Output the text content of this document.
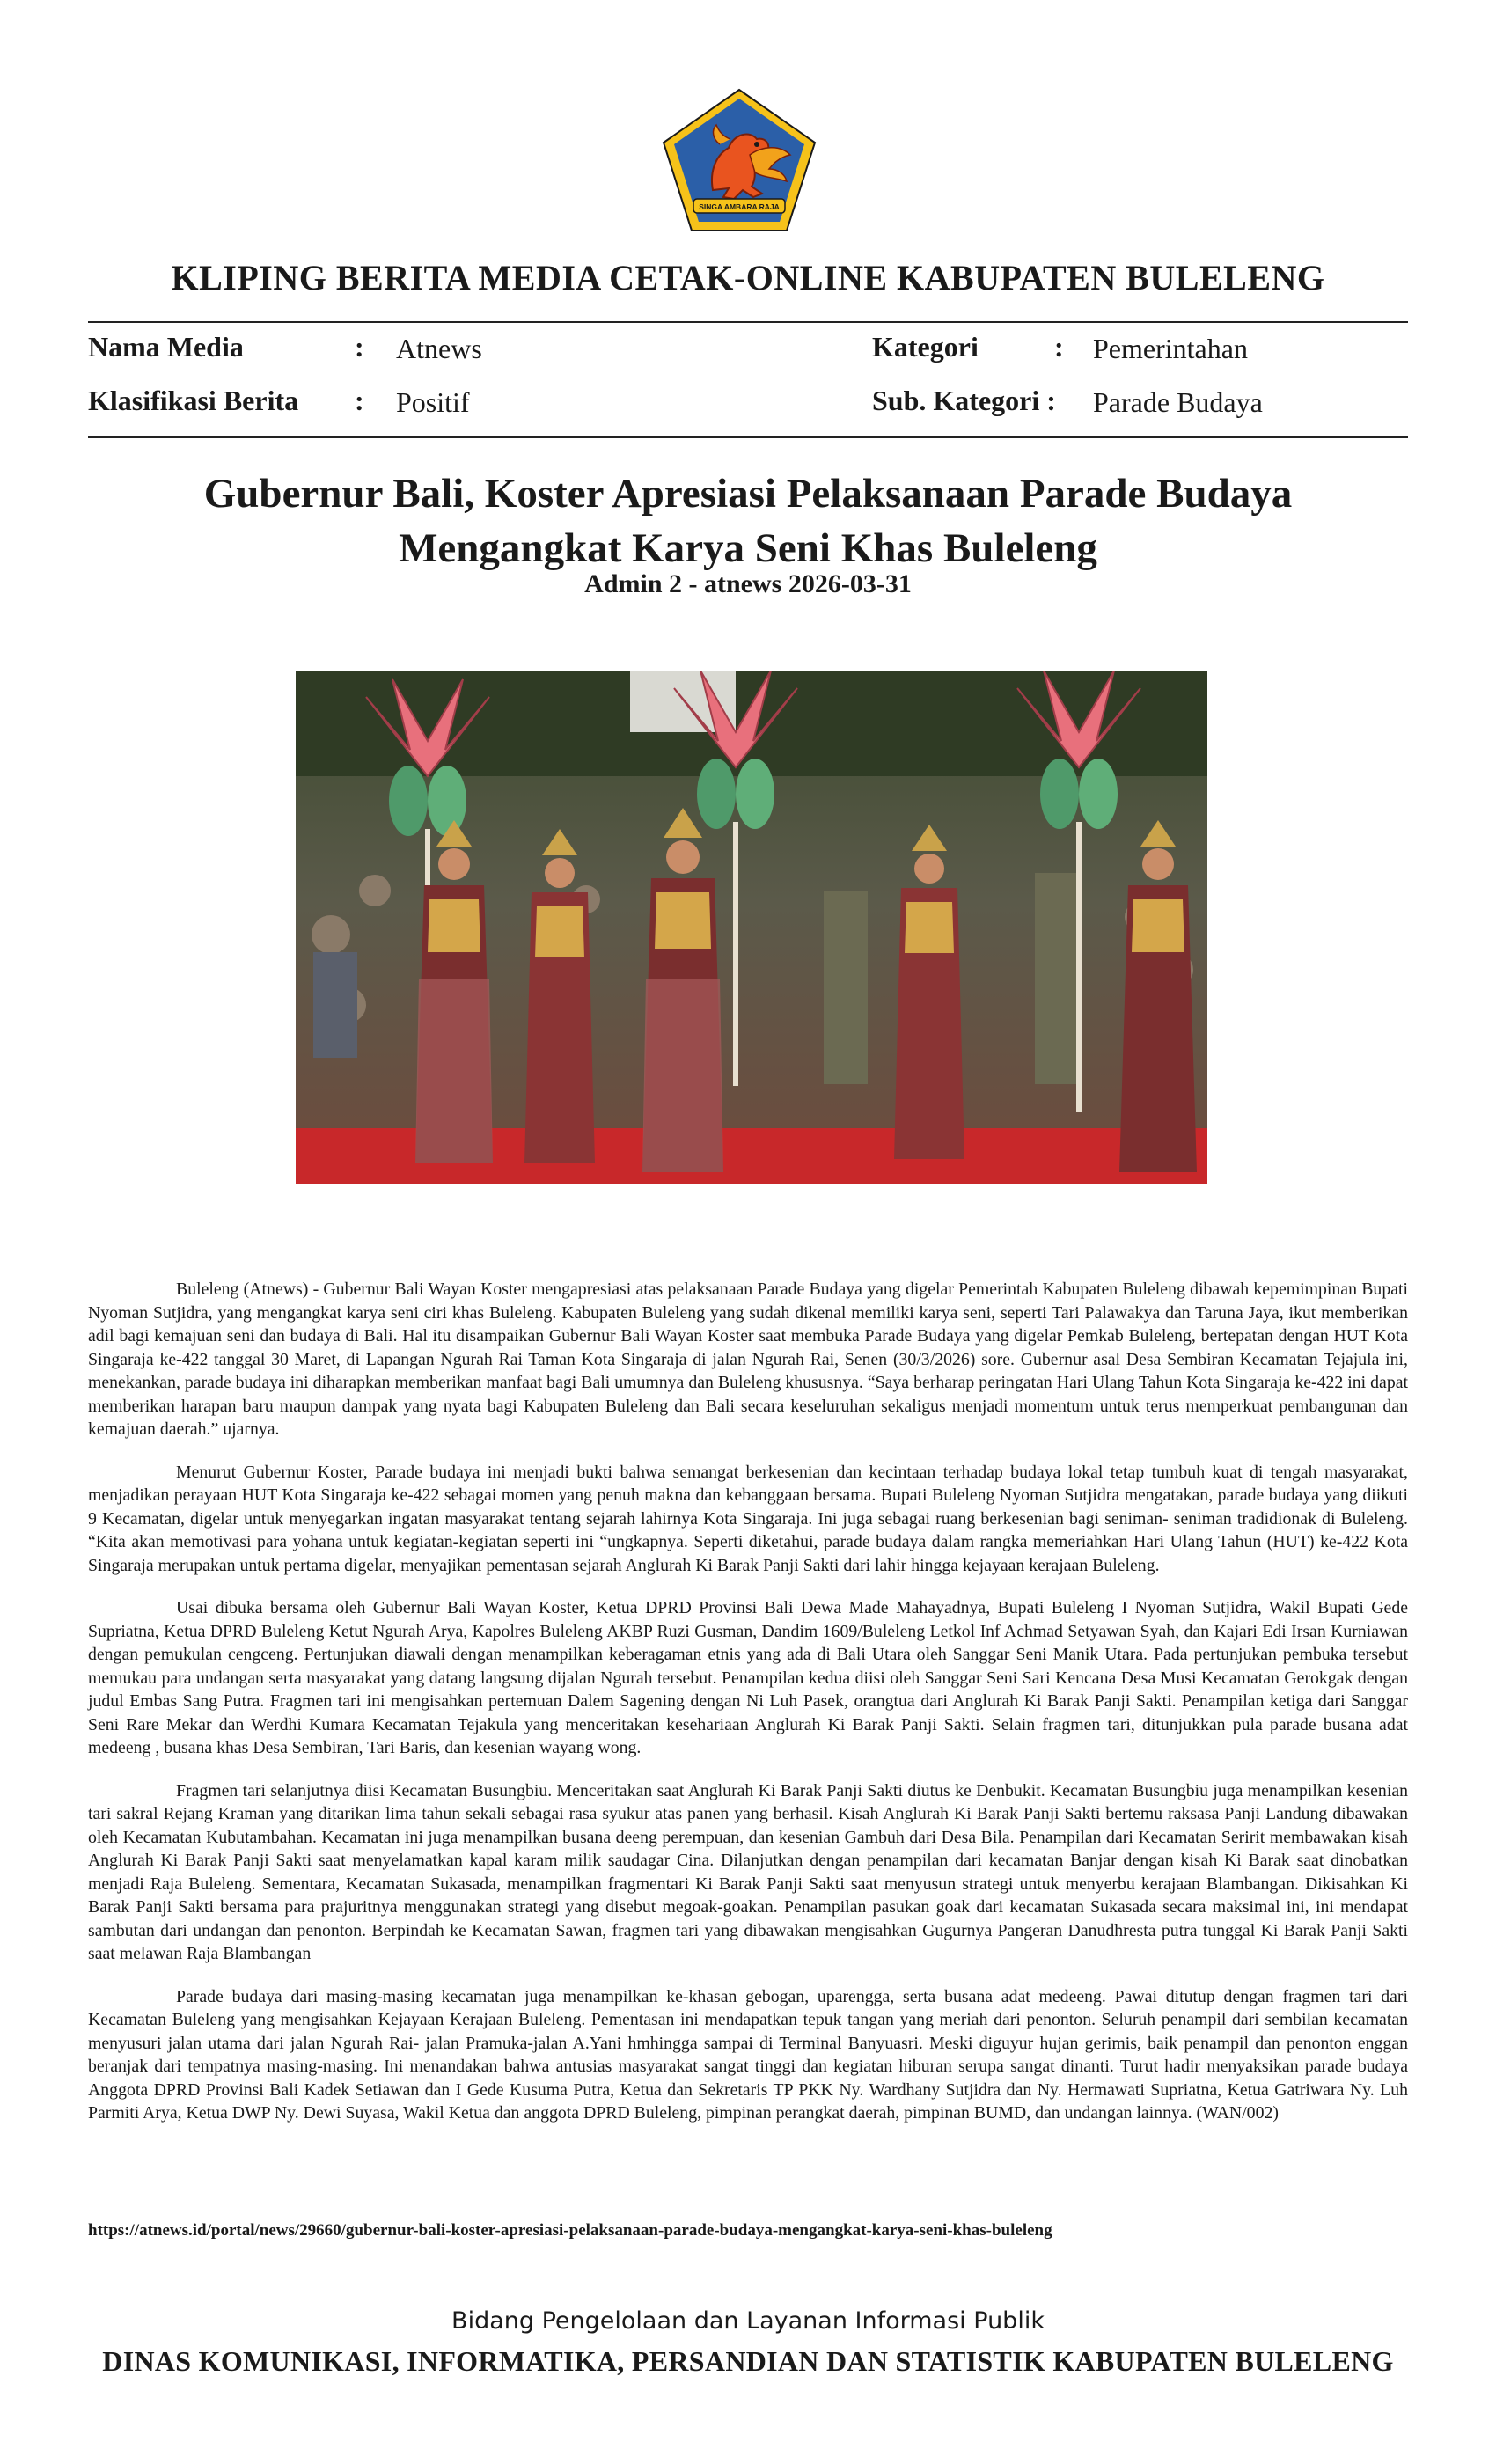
SINGA AMBARA RAJA
KLIPING BERITA MEDIA CETAK-ONLINE KABUPATEN BULELENG
Nama Media	: Atnews
Klasifikasi Berita : Positif
Kategori	: Pemerintahan
Sub. Kategori : Parade Budaya
Gubernur Bali, Koster Apresiasi Pelaksanaan Parade Budaya
Mengangkat Karya Seni Khas Buleleng
Admin 2 - atnews 2026-03-31

Buleleng (Atnews) - Gubernur Bali Wayan Koster mengapresiasi atas pelaksanaan Parade Budaya yang digelar Pemerintah Kabupaten Buleleng dibawah kepemimpinan Bupati Nyoman Sutjidra, yang mengangkat karya seni ciri khas Buleleng. Kabupaten Buleleng yang sudah dikenal memiliki karya seni, seperti Tari Palawakya dan Taruna Jaya, ikut memberikan adil bagi kemajuan seni dan budaya di Bali. Hal itu disampaikan Gubernur Bali Wayan Koster saat membuka Parade Budaya yang digelar Pemkab Buleleng, bertepatan dengan HUT Kota Singaraja ke-422 tanggal 30 Maret, di Lapangan Ngurah Rai Taman Kota Singaraja di jalan Ngurah Rai, Senen (30/3/2026) sore. Gubernur asal Desa Sembiran Kecamatan Tejajula ini, menekankan, parade budaya ini diharapkan memberikan manfaat bagi Bali umumnya dan Buleleng khususnya. “Saya berharap peringatan Hari Ulang Tahun Kota Singaraja ke-422 ini dapat memberikan harapan baru maupun dampak yang nyata bagi Kabupaten Buleleng dan Bali secara keseluruhan sekaligus menjadi momentum untuk terus memperkuat pembangunan dan kemajuan daerah.” ujarnya.

Menurut Gubernur Koster, Parade budaya ini menjadi bukti bahwa semangat berkesenian dan kecintaan terhadap budaya lokal tetap tumbuh kuat di tengah masyarakat, menjadikan perayaan HUT Kota Singaraja ke-422 sebagai momen yang penuh makna dan kebanggaan bersama. Bupati Buleleng Nyoman Sutjidra mengatakan, parade budaya yang diikuti 9 Kecamatan, digelar untuk menyegarkan ingatan masyarakat tentang sejarah lahirnya Kota Singaraja. Ini juga sebagai ruang berkesenian bagi seniman- seniman tradidionak di Buleleng. “Kita akan memotivasi para yohana untuk kegiatan-kegiatan seperti ini “ungkapnya. Seperti diketahui, parade budaya dalam rangka memeriahkan Hari Ulang Tahun (HUT) ke-422 Kota Singaraja merupakan untuk pertama digelar, menyajikan pementasan sejarah Anglurah Ki Barak Panji Sakti dari lahir hingga kejayaan kerajaan Buleleng.

Usai dibuka bersama oleh Gubernur Bali Wayan Koster, Ketua DPRD Provinsi Bali Dewa Made Mahayadnya, Bupati Buleleng I Nyoman Sutjidra, Wakil Bupati Gede Supriatna, Ketua DPRD Buleleng Ketut Ngurah Arya, Kapolres Buleleng AKBP Ruzi Gusman, Dandim 1609/Buleleng Letkol Inf Achmad Setyawan Syah, dan Kajari Edi Irsan Kurniawan dengan pemukulan cengceng. Pertunjukan diawali dengan menampilkan keberagaman etnis yang ada di Bali Utara oleh Sanggar Seni Manik Utara. Pada pertunjukan pembuka tersebut memukau para undangan serta masyarakat yang datang langsung dijalan Ngurah tersebut. Penampilan kedua diisi oleh Sanggar Seni Sari Kencana Desa Musi Kecamatan Gerokgak dengan judul Embas Sang Putra. Fragmen tari ini mengisahkan pertemuan Dalem Sagening dengan Ni Luh Pasek, orangtua dari Anglurah Ki Barak Panji Sakti. Penampilan ketiga dari Sanggar Seni Rare Mekar dan Werdhi Kumara Kecamatan Tejakula yang menceritakan kesehariaan Anglurah Ki Barak Panji Sakti. Selain fragmen tari, ditunjukkan pula parade busana adat medeeng , busana khas Desa Sembiran, Tari Baris, dan kesenian wayang wong.

Fragmen tari selanjutnya diisi Kecamatan Busungbiu. Menceritakan saat Anglurah Ki Barak Panji Sakti diutus ke Denbukit. Kecamatan Busungbiu juga menampilkan kesenian tari sakral Rejang Kraman yang ditarikan lima tahun sekali sebagai rasa syukur atas panen yang berhasil. Kisah Anglurah Ki Barak Panji Sakti bertemu raksasa Panji Landung dibawakan oleh Kecamatan Kubutambahan. Kecamatan ini juga menampilkan busana deeng perempuan, dan kesenian Gambuh dari Desa Bila. Penampilan dari Kecamatan Seririt membawakan kisah Anglurah Ki Barak Panji Sakti saat menyelamatkan kapal karam milik saudagar Cina. Dilanjutkan dengan penampilan dari kecamatan Banjar dengan kisah Ki Barak saat dinobatkan menjadi Raja Buleleng. Sementara, Kecamatan Sukasada, menampilkan fragmentari Ki Barak Panji Sakti saat menyusun strategi untuk menyerbu kerajaan Blambangan. Dikisahkan Ki Barak Panji Sakti bersama para prajuritnya menggunakan strategi yang disebut megoak-goakan. Penampilan pasukan goak dari kecamatan Sukasada secara maksimal ini, ini mendapat sambutan dari undangan dan penonton. Berpindah ke Kecamatan Sawan, fragmen tari yang dibawakan mengisahkan Gugurnya Pangeran Danudhresta putra tunggal Ki Barak Panji Sakti saat melawan Raja Blambangan

Parade budaya dari masing-masing kecamatan juga menampilkan ke-khasan gebogan, uparengga, serta busana adat medeeng. Pawai ditutup dengan fragmen tari dari Kecamatan Buleleng yang mengisahkan Kejayaan Kerajaan Buleleng. Pementasan ini mendapatkan tepuk tangan yang meriah dari penonton. Seluruh penampil dari sembilan kecamatan menyusuri jalan utama dari jalan Ngurah Rai- jalan Pramuka-jalan A.Yani hmhingga sampai di Terminal Banyuasri. Meski diguyur hujan gerimis, baik penampil dan penonton enggan beranjak dari tempatnya masing-masing. Ini menandakan bahwa antusias masyarakat sangat tinggi dan kegiatan hiburan serupa sangat dinanti. Turut hadir menyaksikan parade budaya Anggota DPRD Provinsi Bali Kadek Setiawan dan I Gede Kusuma Putra, Ketua dan Sekretaris TP PKK Ny. Wardhany Sutjidra dan Ny. Hermawati Supriatna, Ketua Gatriwara Ny. Luh Parmiti Arya, Ketua DWP Ny. Dewi Suyasa, Wakil Ketua dan anggota DPRD Buleleng, pimpinan perangkat daerah, pimpinan BUMD, dan undangan lainnya. (WAN/002)

https://atnews.id/portal/news/29660/gubernur-bali-koster-apresiasi-pelaksanaan-parade-budaya-mengangkat-karya-seni-khas-buleleng
Bidang Pengelolaan dan Layanan Informasi Publik
DINAS KOMUNIKASI, INFORMATIKA, PERSANDIAN DAN STATISTIK KABUPATEN BULELENG
